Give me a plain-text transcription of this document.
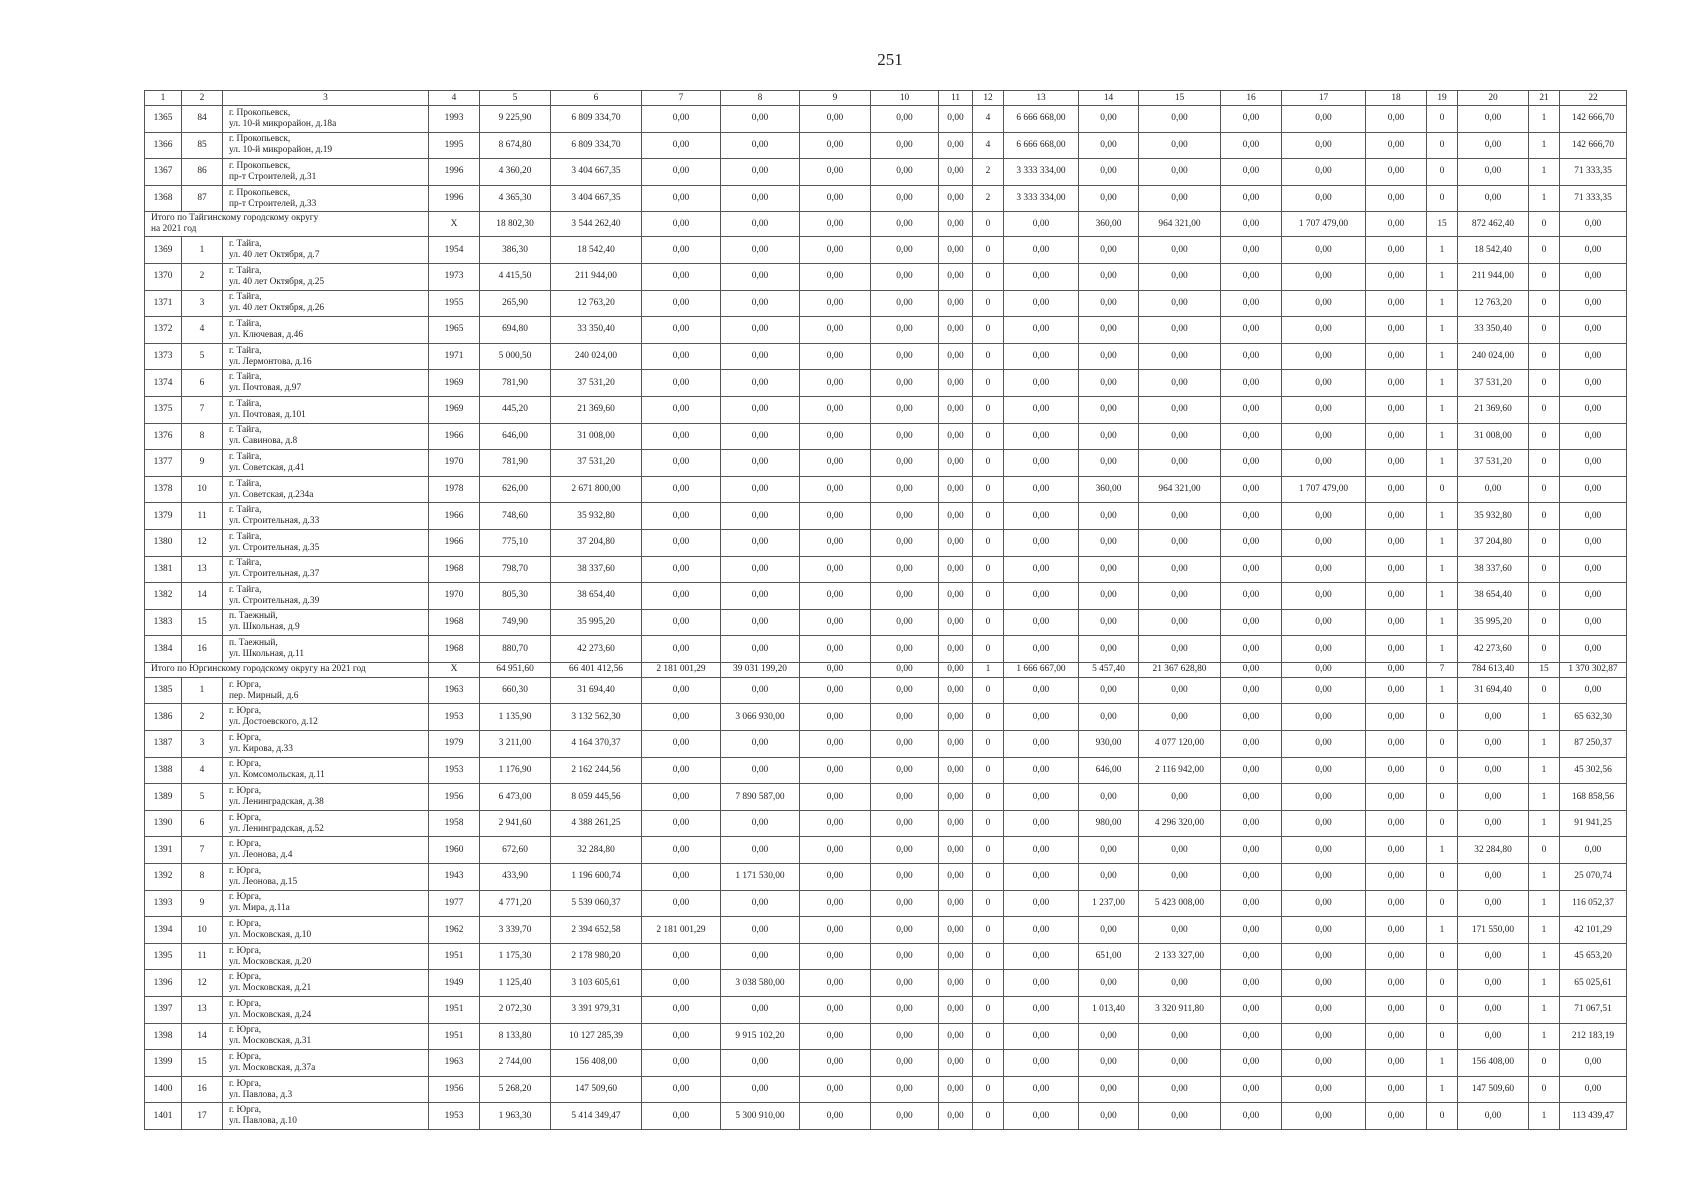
251
1	2	3	4	5	6	7	8	9	10	11	12	13	14	15	16	17	18	19	20	21	22
1365	84	г. Прокопьевск,
ул. 10-й микрорайон, д.18а	1993	9 225,90	6 809 334,70	0,00	0,00	0,00	0,00	0,00	4	6 666 668,00	0,00	0,00	0,00	0,00	0,00	0	0,00	1	142 666,70
1366	85	г. Прокопьевск,
ул. 10-й микрорайон, д.19	1995	8 674,80	6 809 334,70	0,00	0,00	0,00	0,00	0,00	4	6 666 668,00	0,00	0,00	0,00	0,00	0,00	0	0,00	1	142 666,70
1367	86	г. Прокопьевск,
пр-т Строителей, д.31	1996	4 360,20	3 404 667,35	0,00	0,00	0,00	0,00	0,00	2	3 333 334,00	0,00	0,00	0,00	0,00	0,00	0	0,00	1	71 333,35
1368	87	г. Прокопьевск,
пр-т Строителей, д.33	1996	4 365,30	3 404 667,35	0,00	0,00	0,00	0,00	0,00	2	3 333 334,00	0,00	0,00	0,00	0,00	0,00	0	0,00	1	71 333,35

Итого по Тайгинскому городскому округу
на 2021 год			X	18 802,30	3 544 262,40	0,00	0,00	0,00	0,00	0,00	0	0,00	360,00	964 321,00	0,00	1 707 479,00	0,00	15	872 462,40	0	0,00
1369	1	г. Тайга,
ул. 40 лет Октября, д.7	1954	386,30	18 542,40	0,00	0,00	0,00	0,00	0,00	0	0,00	0,00	0,00	0,00	0,00	0,00	1	18 542,40	0	0,00
1370	2	г. Тайга,
ул. 40 лет Октября, д.25	1973	4 415,50	211 944,00	0,00	0,00	0,00	0,00	0,00	0	0,00	0,00	0,00	0,00	0,00	0,00	1	211 944,00	0	0,00
1371	3	г. Тайга,
ул. 40 лет Октября, д.26	1955	265,90	12 763,20	0,00	0,00	0,00	0,00	0,00	0	0,00	0,00	0,00	0,00	0,00	0,00	1	12 763,20	0	0,00
1372	4	г. Тайга,
ул. Ключевая, д.46	1965	694,80	33 350,40	0,00	0,00	0,00	0,00	0,00	0	0,00	0,00	0,00	0,00	0,00	0,00	1	33 350,40	0	0,00
1373	5	г. Тайга,
ул. Лермонтова, д.16	1971	5 000,50	240 024,00	0,00	0,00	0,00	0,00	0,00	0	0,00	0,00	0,00	0,00	0,00	0,00	1	240 024,00	0	0,00
1374	6	г. Тайга,
ул. Почтовая, д.97	1969	781,90	37 531,20	0,00	0,00	0,00	0,00	0,00	0	0,00	0,00	0,00	0,00	0,00	0,00	1	37 531,20	0	0,00
1375	7	г. Тайга,
ул. Почтовая, д.101	1969	445,20	21 369,60	0,00	0,00	0,00	0,00	0,00	0	0,00	0,00	0,00	0,00	0,00	0,00	1	21 369,60	0	0,00
1376	8	г. Тайга,
ул. Савинова, д.8	1966	646,00	31 008,00	0,00	0,00	0,00	0,00	0,00	0	0,00	0,00	0,00	0,00	0,00	0,00	1	31 008,00	0	0,00
1377	9	г. Тайга,
ул. Советская, д.41	1970	781,90	37 531,20	0,00	0,00	0,00	0,00	0,00	0	0,00	0,00	0,00	0,00	0,00	0,00	1	37 531,20	0	0,00
1378	10	г. Тайга,
ул. Советская, д.234а	1978	626,00	2 671 800,00	0,00	0,00	0,00	0,00	0,00	0	0,00	360,00	964 321,00	0,00	1 707 479,00	0,00	0	0,00	0	0,00
1379	11	г. Тайга,
ул. Строительная, д.33	1966	748,60	35 932,80	0,00	0,00	0,00	0,00	0,00	0	0,00	0,00	0,00	0,00	0,00	0,00	1	35 932,80	0	0,00
1380	12	г. Тайга,
ул. Строительная, д.35	1966	775,10	37 204,80	0,00	0,00	0,00	0,00	0,00	0	0,00	0,00	0,00	0,00	0,00	0,00	1	37 204,80	0	0,00
1381	13	г. Тайга,
ул. Строительная, д.37	1968	798,70	38 337,60	0,00	0,00	0,00	0,00	0,00	0	0,00	0,00	0,00	0,00	0,00	0,00	1	38 337,60	0	0,00
1382	14	г. Тайга,
ул. Строительная, д.39	1970	805,30	38 654,40	0,00	0,00	0,00	0,00	0,00	0	0,00	0,00	0,00	0,00	0,00	0,00	1	38 654,40	0	0,00
1383	15	п. Таежный,
ул. Школьная, д.9	1968	749,90	35 995,20	0,00	0,00	0,00	0,00	0,00	0	0,00	0,00	0,00	0,00	0,00	0,00	1	35 995,20	0	0,00
1384	16	п. Таежный,
ул. Школьная, д.11	1968	880,70	42 273,60	0,00	0,00	0,00	0,00	0,00	0	0,00	0,00	0,00	0,00	0,00	0,00	1	42 273,60	0	0,00

Итого по Юргинскому городскому округу на 2021 год			X	64 951,60	66 401 412,56	2 181 001,29	39 031 199,20	0,00	0,00	0,00	1	1 666 667,00	5 457,40	21 367 628,80	0,00	0,00	0,00	7	784 613,40	15	1 370 302,87
1385	1	г. Юрга,
пер. Мирный, д.6	1963	660,30	31 694,40	0,00	0,00	0,00	0,00	0,00	0	0,00	0,00	0,00	0,00	0,00	0,00	1	31 694,40	0	0,00
1386	2	г. Юрга,
ул. Достоевского, д.12	1953	1 135,90	3 132 562,30	0,00	3 066 930,00	0,00	0,00	0,00	0	0,00	0,00	0,00	0,00	0,00	0,00	0	0,00	1	65 632,30
1387	3	г. Юрга,
ул. Кирова, д.33	1979	3 211,00	4 164 370,37	0,00	0,00	0,00	0,00	0,00	0	0,00	930,00	4 077 120,00	0,00	0,00	0,00	0	0,00	1	87 250,37
1388	4	г. Юрга,
ул. Комсомольская, д.11	1953	1 176,90	2 162 244,56	0,00	0,00	0,00	0,00	0,00	0	0,00	646,00	2 116 942,00	0,00	0,00	0,00	0	0,00	1	45 302,56
1389	5	г. Юрга,
ул. Ленинградская, д.38	1956	6 473,00	8 059 445,56	0,00	7 890 587,00	0,00	0,00	0,00	0	0,00	0,00	0,00	0,00	0,00	0,00	0	0,00	1	168 858,56
1390	6	г. Юрга,
ул. Ленинградская, д.52	1958	2 941,60	4 388 261,25	0,00	0,00	0,00	0,00	0,00	0	0,00	980,00	4 296 320,00	0,00	0,00	0,00	0	0,00	1	91 941,25
1391	7	г. Юрга,
ул. Леонова, д.4	1960	672,60	32 284,80	0,00	0,00	0,00	0,00	0,00	0	0,00	0,00	0,00	0,00	0,00	0,00	1	32 284,80	0	0,00
1392	8	г. Юрга,
ул. Леонова, д.15	1943	433,90	1 196 600,74	0,00	1 171 530,00	0,00	0,00	0,00	0	0,00	0,00	0,00	0,00	0,00	0,00	0	0,00	1	25 070,74
1393	9	г. Юрга,
ул. Мира, д.11а	1977	4 771,20	5 539 060,37	0,00	0,00	0,00	0,00	0,00	0	0,00	1 237,00	5 423 008,00	0,00	0,00	0,00	0	0,00	1	116 052,37
1394	10	г. Юрга,
ул. Московская, д.10	1962	3 339,70	2 394 652,58	2 181 001,29	0,00	0,00	0,00	0,00	0	0,00	0,00	0,00	0,00	0,00	0,00	1	171 550,00	1	42 101,29
1395	11	г. Юрга,
ул. Московская, д.20	1951	1 175,30	2 178 980,20	0,00	0,00	0,00	0,00	0,00	0	0,00	651,00	2 133 327,00	0,00	0,00	0,00	0	0,00	1	45 653,20
1396	12	г. Юрга,
ул. Московская, д.21	1949	1 125,40	3 103 605,61	0,00	3 038 580,00	0,00	0,00	0,00	0	0,00	0,00	0,00	0,00	0,00	0,00	0	0,00	1	65 025,61
1397	13	г. Юрга,
ул. Московская, д.24	1951	2 072,30	3 391 979,31	0,00	0,00	0,00	0,00	0,00	0	0,00	1 013,40	3 320 911,80	0,00	0,00	0,00	0	0,00	1	71 067,51
1398	14	г. Юрга,
ул. Московская, д.31	1951	8 133,80	10 127 285,39	0,00	9 915 102,20	0,00	0,00	0,00	0	0,00	0,00	0,00	0,00	0,00	0,00	0	0,00	1	212 183,19
1399	15	г. Юрга,
ул. Московская, д.37а	1963	2 744,00	156 408,00	0,00	0,00	0,00	0,00	0,00	0	0,00	0,00	0,00	0,00	0,00	0,00	1	156 408,00	0	0,00
1400	16	г. Юрга,
ул. Павлова, д.3	1956	5 268,20	147 509,60	0,00	0,00	0,00	0,00	0,00	0	0,00	0,00	0,00	0,00	0,00	0,00	1	147 509,60	0	0,00
1401	17	г. Юрга,
ул. Павлова, д.10	1953	1 963,30	5 414 349,47	0,00	5 300 910,00	0,00	0,00	0,00	0	0,00	0,00	0,00	0,00	0,00	0,00	0	0,00	1	113 439,47
